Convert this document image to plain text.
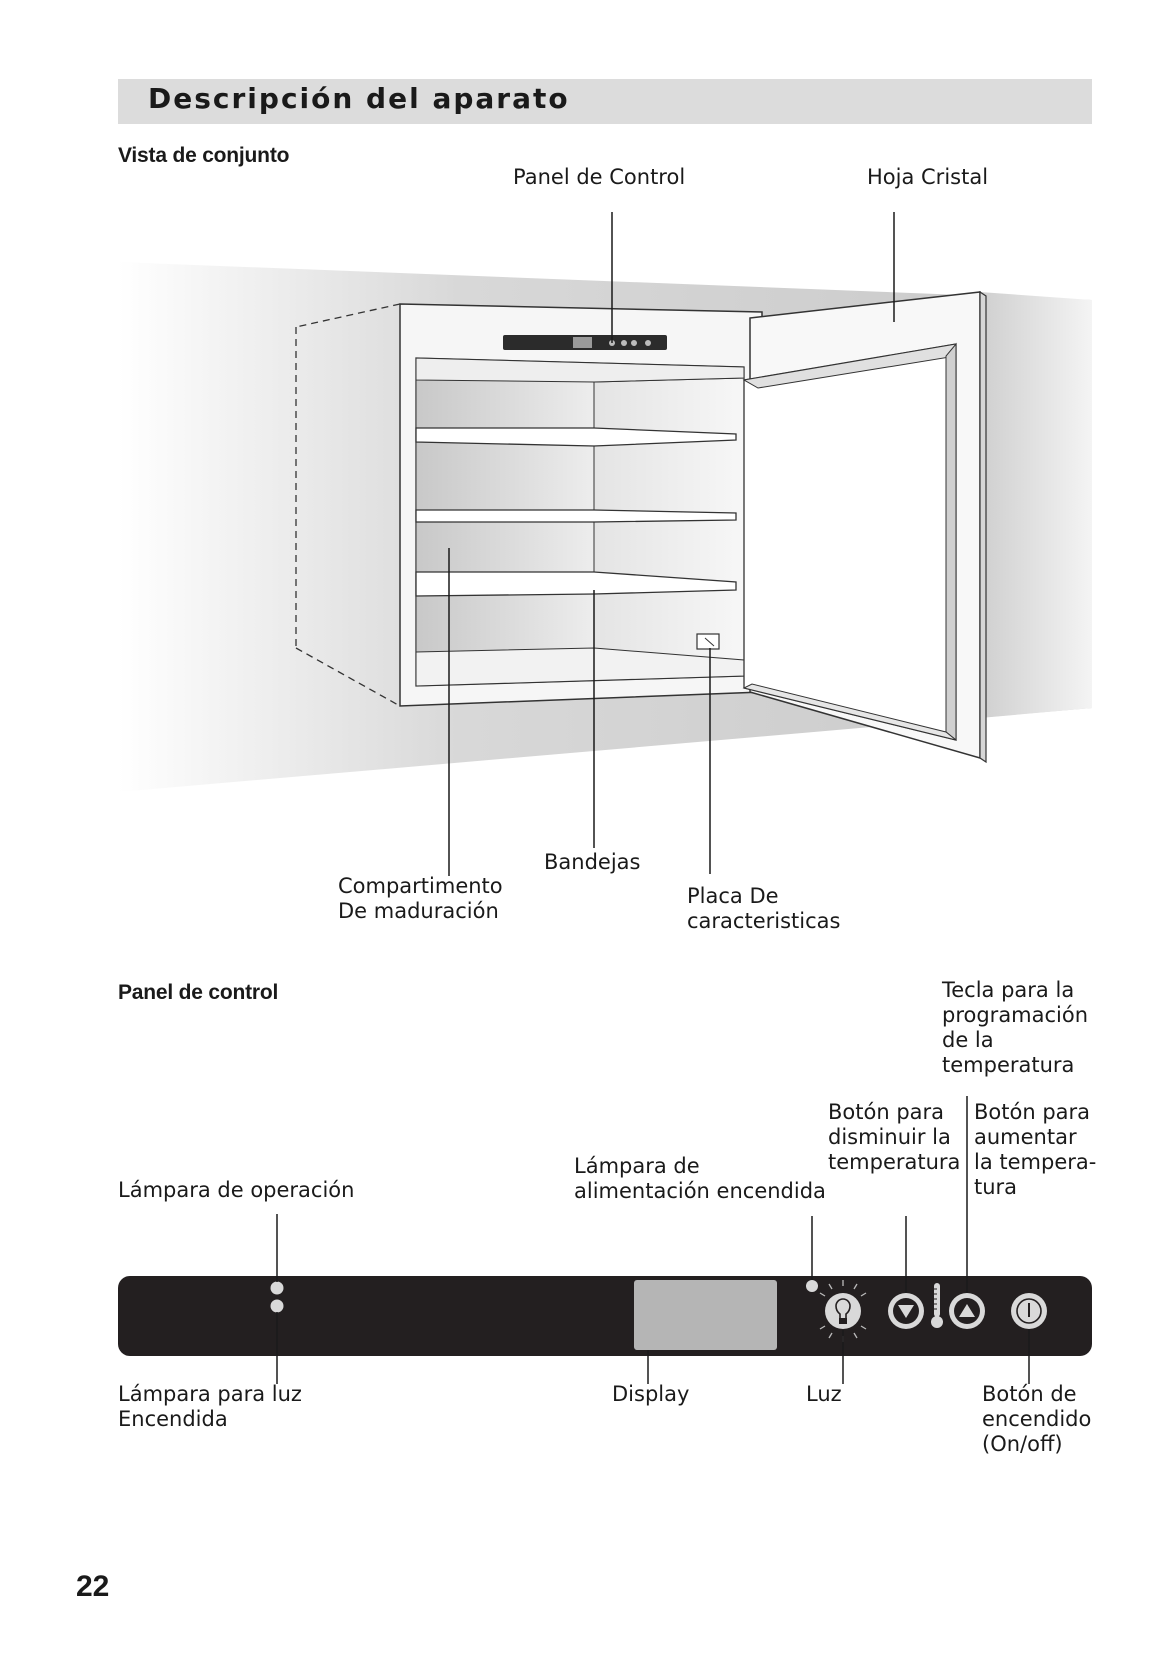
Descripción del aparato
Vista de conjunto
Panel de control
Panel de Control	Hoja Cristal
Compartimento
De maduración
Bandejas
Placa De
caracteristicas
Tecla para la
programación
de la
temperatura
Botón para
disminuir la
temperatura
Botón para
aumentar
la tempera-
tura
Lámpara de
alimentación encendida
Lámpara de operación
Lámpara para luz
Encendida
Display	Luz	Botón de
encendido
(On/off)
22
